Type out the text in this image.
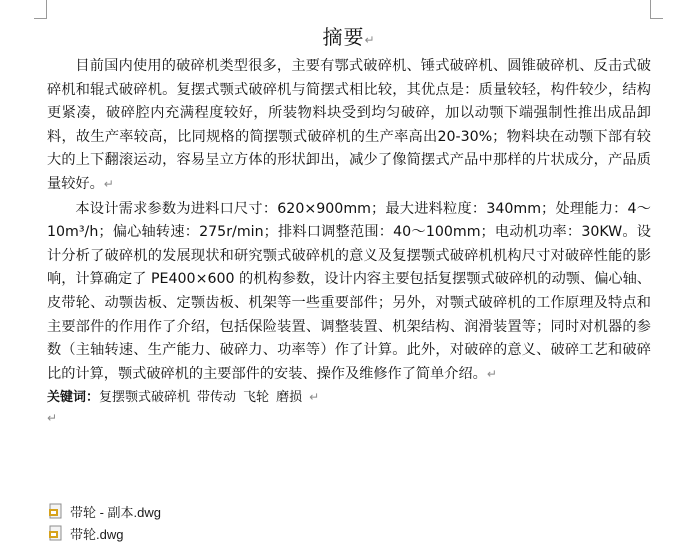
摘要↵

目前国内使用的破碎机类型很多，主要有鄂式破碎机、锤式破碎机、圆锥破碎机、反击式破碎机和辊式破碎机。复摆式颚式破碎机与简摆式相比较，其优点是：质量较轻，构件较少，结构更紧凑，破碎腔内充满程度较好，所装物料块受到均匀破碎，加以动颚下端强制性推出成品卸料，故生产率较高，比同规格的简摆颚式破碎机的生产率高出20-30%；物料块在动颚下部有较大的上下翻滚运动，容易呈立方体的形状卸出，减少了像简摆式产品中那样的片状成分，产品质量较好。↵

本设计需求参数为进料口尺寸：620×900mm；最大进料粒度：340mm；处理能力：4～10m³/h；偏心轴转速：275r/min；排料口调整范围：40～100mm；电动机功率：30KW。设计分析了破碎机的发展现状和研究颚式破碎机的意义及复摆颚式破碎机机构尺寸对破碎性能的影响，计算确定了 PE400×600 的机构参数，设计内容主要包括复摆颚式破碎机的动颚、偏心轴、皮带轮、动颚齿板、定颚齿板、机架等一些重要部件；另外，对颚式破碎机的工作原理及特点和主要部件的作用作了介绍，包括保险装置、调整装置、机架结构、润滑装置等；同时对机器的参数（主轴转速、生产能力、破碎力、功率等）作了计算。此外，对破碎的意义、破碎工艺和破碎比的计算，颚式破碎机的主要部件的安装、操作及维修作了简单介绍。↵

关键词：复摆颚式破碎机 带传动 飞轮 磨损 ↵
↵
带轮 - 副本.dwg
带轮.dwg
